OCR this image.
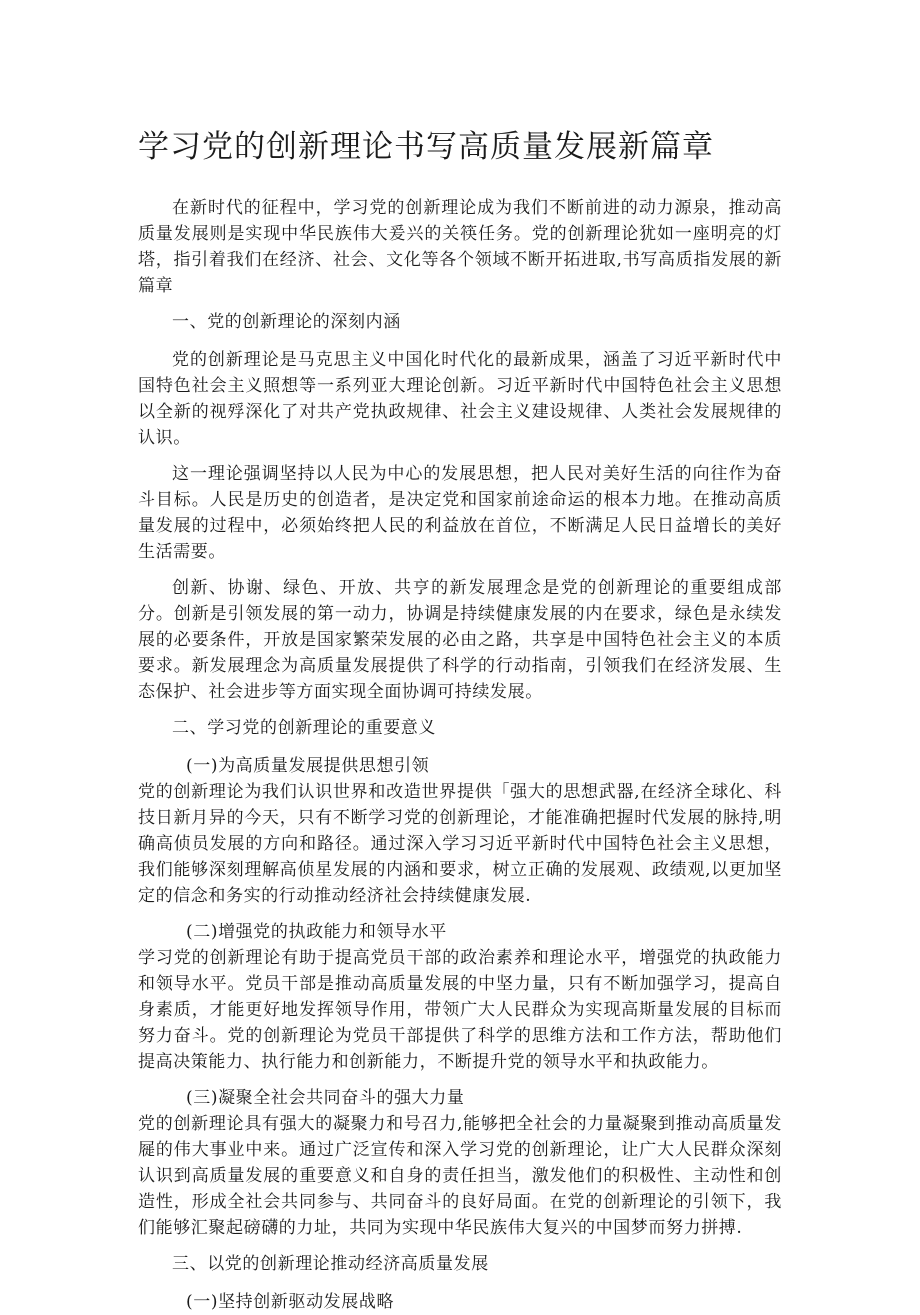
学习党的创新理论书写高质量发展新篇章

在新时代的征程中，学习党的创新理论成为我们不断前进的动力源泉，推动高质量发展则是实现中华民族伟大爰兴的关筷任务。党的创新理论犹如一座明亮的灯塔，指引着我们在经济、社会、文化等各个领域不断开拓进取,书写高质指发展的新篇章

一、党的创新理论的深刻内涵

党的创新理论是马克思主义中国化时代化的最新成果，涵盖了习近平新时代中国特色社会主义照想等一系列亚大理论创新。习近平新时代中国特色社会主义思想以全新的视殍深化了对共产党执政规律、社会主义建设规律、人类社会发展规律的认识。

这一理论强调坚持以人民为中心的发展思想，把人民对美好生活的向往作为奋斗目标。人民是历史的创造者，是决定党和国家前途命运的根本力地。在推动高质量发展的过程中，必须始终把人民的利益放在首位，不断满足人民日益增长的美好生活需要。

创新、协谢、绿色、开放、共亨的新发展理念是党的创新理论的重要组成部分。创新是引领发展的第一动力，协调是持续健康发展的内在要求，绿色是永续发展的必要条件，开放是国家繁荣发展的必由之路，共享是中国特色社会主义的本质要求。新发展理念为高质量发展提供了科学的行动指南，引领我们在经济发展、生态保护、社会进步等方面实现全面协调可持续发展。

二、学习党的创新理论的重要意义

(一)为高质量发展提供思想引领

党的创新理论为我们认识世界和改造世界提供「强大的思想武器,在经济全球化、科技日新月异的今天，只有不断学习党的创新理论，才能准确把握时代发展的脉持,明确高侦员发展的方向和路径。通过深入学习习近平新时代中国特色社会主义思想，我们能够深刻理解高侦星发展的内涵和要求，树立正确的发展观、政绩观,以更加坚定的信念和务实的行动推动经济社会持续健康发展.

(二)增强党的执政能力和领导水平

学习党的创新理论有助于提高党员干部的政治素养和理论水平，增强党的执政能力和领导水平。党员干部是推动高质量发展的中坚力量，只有不断加强学习，提高自身素质，才能更好地发挥领导作用，带领广大人民群众为实现高斯量发展的目标而努力奋斗。党的创新理论为党员干部提供了科学的思维方法和工作方法，帮助他们提高决策能力、执行能力和创新能力，不断提升党的领导水平和执政能力。

(三)凝聚全社会共同奋斗的强大力量

党的创新理论具有强大的凝聚力和号召力,能够把全社会的力量凝聚到推动高质量发屣的伟大事业中来。通过广泛宣传和深入学习党的创新理论，让广大人民群众深刻认识到高质量发展的重要意义和自身的责任担当，激发他们的积极性、主动性和创造性，形成全社会共同参与、共同奋斗的良好局面。在党的创新理论的引领下，我们能够汇聚起磅礴的力址，共同为实现中华民族伟大复兴的中国梦而努力拼搏.

三、以党的创新理论推动经济高质量发展

(一)坚持创新驱动发展战略
